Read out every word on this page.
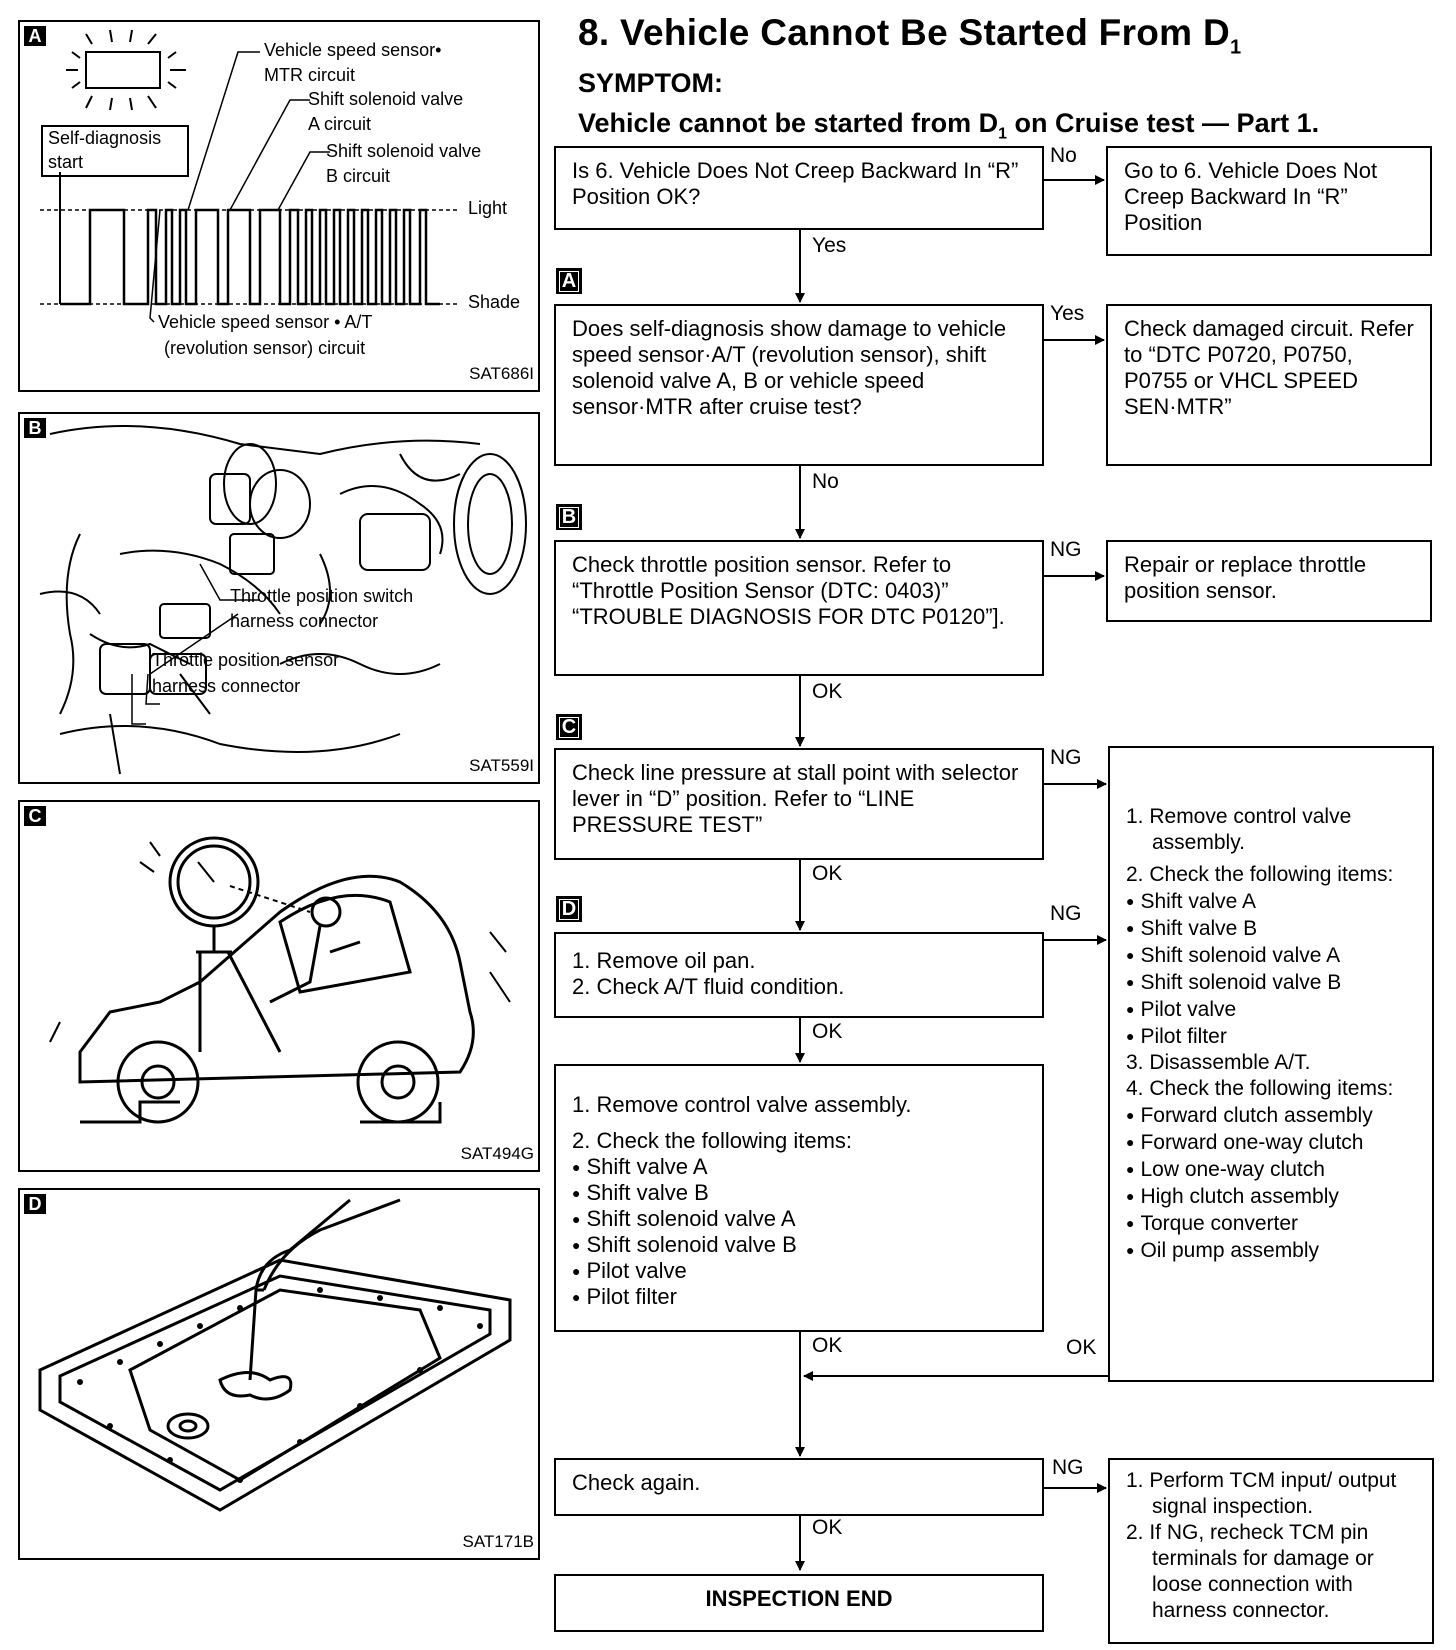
A
Vehicle speed sensor•
MTR circuit
Shift solenoid valve
A circuit
Shift solenoid valve
B circuit
Self-diagnosis
start
Light
Shade
Vehicle speed sensor • A/T
(revolution sensor) circuit
SAT686I
B
Throttle position switch
harness connector
Throttle position sensor
harness connector
SAT559I
C
SAT494G
D
SAT171B
8. Vehicle Cannot Be Started From $D_1$
SYMPTOM:
Vehicle cannot be started from $D_1$ on Cruise test — Part 1.
Is 6. Vehicle Does Not Creep Backward In “R” Position OK?
No
Go to 6. Vehicle Does Not Creep Backward In “R” Position
Yes
A
Does self-diagnosis show damage to vehicle speed sensor·A/T (revolution sensor), shift solenoid valve A, B or vehicle speed sensor·MTR after cruise test?
Yes
Check damaged circuit. Refer to “DTC P0720, P0750, P0755 or VHCL SPEED SEN·MTR”
No
B
Check throttle position sensor. Refer to “Throttle Position Sensor (DTC: 0403)” “TROUBLE DIAGNOSIS FOR DTC P0120”].
NG
Repair or replace throttle position sensor.
OK
C
Check line pressure at stall point with selector lever in “D” position. Refer to “LINE PRESSURE TEST”
NG
OK
D
1. Remove oil pan.
2. Check A/T fluid condition.
NG
OK
1. Remove control valve assembly.
2. Check the following items:
● Shift valve A
● Shift valve B
● Shift solenoid valve A
● Shift solenoid valve B
● Pilot valve
● Pilot filter
OK
1. Remove control valve assembly.
2. Check the following items:
● Shift valve A
● Shift valve B
● Shift solenoid valve A
● Shift solenoid valve B
● Pilot valve
● Pilot filter
3. Disassemble A/T.
4. Check the following items:
● Forward clutch assembly
● Forward one-way clutch
● Low one-way clutch
● High clutch assembly
● Torque converter
● Oil pump assembly
OK
Check again.
NG
OK
1. Perform TCM input/ output signal inspection.
2. If NG, recheck TCM pin terminals for damage or loose connection with harness connector.
INSPECTION END
